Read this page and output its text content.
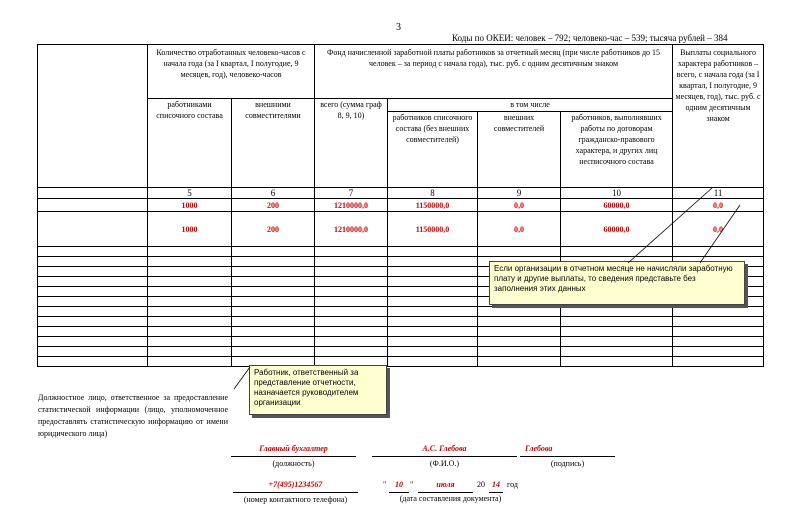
3
Коды по ОКЕИ: человек – 792; человеко-час – 539; тысяча рублей – 384
	Количество отработанных человеко-часов с начала года (за I квартал, I полугодие, 9 месяцев, год), человеко-часов		Фонд начисленной заработной платы работников за отчетный месяц (при числе работников до 15 человек – за период с начала года), тыс. руб. с одним десятичным знаком				Выплаты социального характера работников – всего, с начала года (за I квартал, I полугодие, 9 месяцев, год), тыс. руб. с одним десятичным знаком
	работниками списочного состава	внешними совместителями	всего (сумма граф 8, 9, 10)	в том числе			
				работников списочного состава (без внешних совместителей)	внешних совместителей	работников, выполнявших работы по договорам гражданско-правового характера, и других лиц несписочного состава	
	5	6	7	8	9	10	11
	1000	200	1210000,0	1150000,0	0,0	60000,0	0,0
	1000	200	1210000,0	1150000,0	0,0	60000,0	0,0

Если организации в отчетном месяце не начисляли заработную плату и другие выплаты, то сведения представьте без заполнения этих данных
Работник, ответственный за представление отчетности, назначается руководителем организации
Должностное лицо, ответственное за предоставление статистической информации (лицо, уполномоченное предоставлять статистическую информацию от имени юридического лица)
Главный бухгалтер
(должность)
А.С. Глебова
(Ф.И.О.)
Глебова
(подпись)
+7(495)1234567
(номер контактного телефона)
"	10 "	июля	20 14 год
(дата составления документа)
